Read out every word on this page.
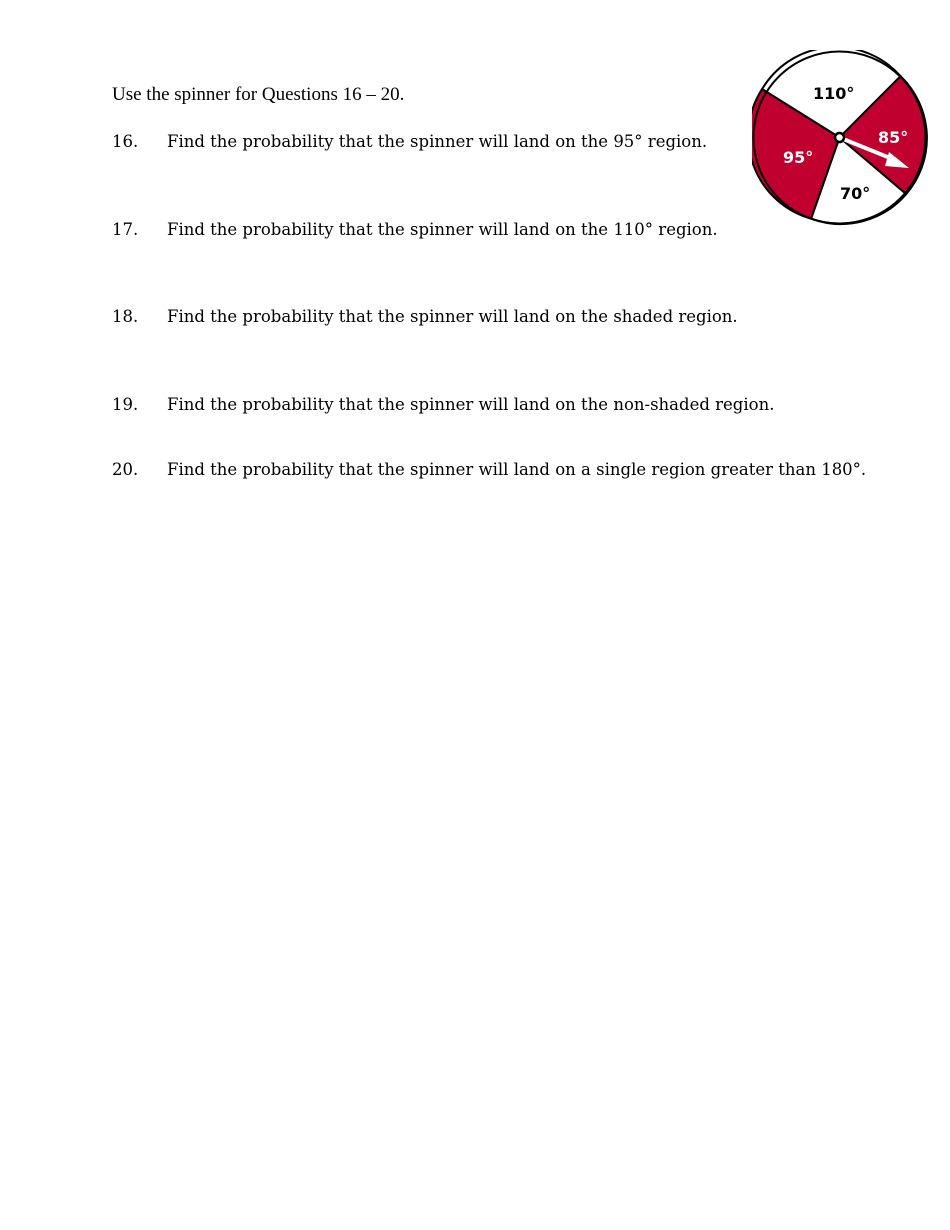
Use the spinner for Questions 16 – 20.
16. Find the probability that the spinner will land on the 95° region.
17. Find the probability that the spinner will land on the 110° region.
18. Find the probability that the spinner will land on the shaded region.
19. Find the probability that the spinner will land on the non-shaded region.
20. Find the probability that the spinner will land on a single region greater than 180°.
110°
85°
70°
95°
